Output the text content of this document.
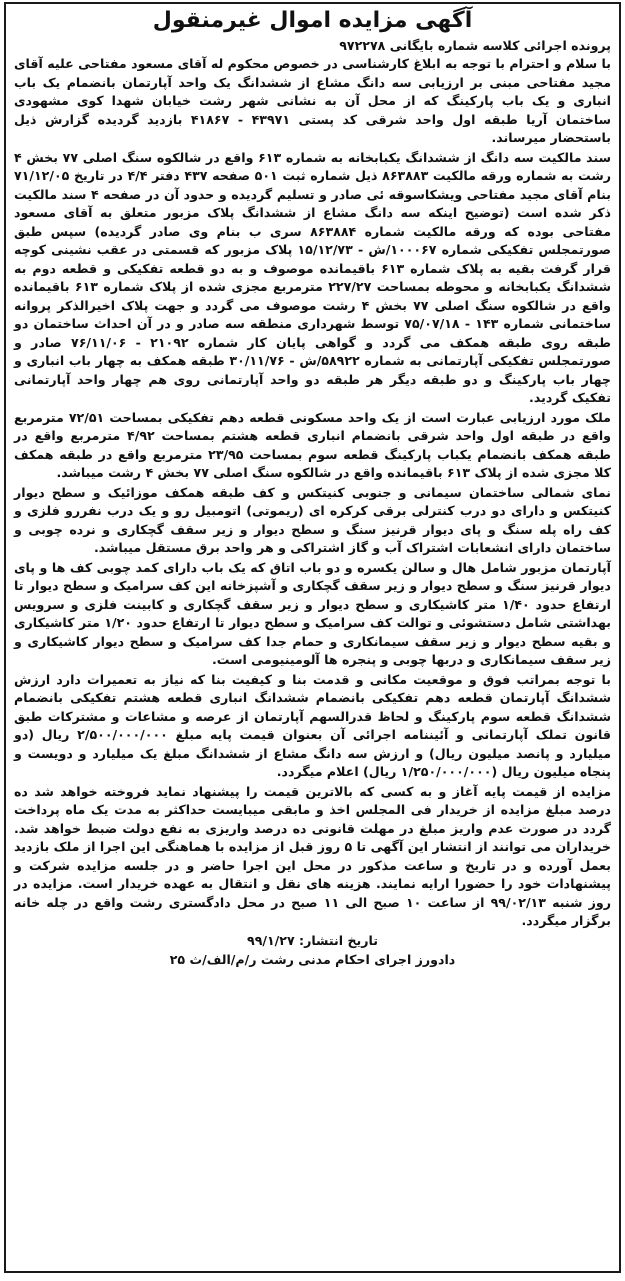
آگهی مزایده اموال غیرمنقول

پرونده اجرائی کلاسه شماره بایگانی ۹۷۲۲۷۸

با سلام و احترام با توجه به ابلاغ کارشناسی در خصوص محکوم له آقای مسعود مفتاحی علیه آقای مجید مفتاحی مبنی بر ارزیابی سه دانگ مشاع از ششدانگ یک واحد آپارتمان بانضمام یک باب انباری و یک باب پارکینگ که از محل آن به نشانی شهر رشت خیابان شهدا کوی مشهودی ساختمان آریا طبقه اول واحد شرقی کد پستی ۴۳۹۷۱ - ۴۱۸۶۷ بازدید گردیده گزارش ذیل باستحضار میرساند.

سند مالکیت سه دانگ از ششدانگ یکبابخانه به شماره ۶۱۳ واقع در شالکوه سنگ اصلی ۷۷ بخش ۴ رشت به شماره ورقه مالکیت ۸۶۳۸۸۳ ذیل شماره ثبت ۵۰۱ صفحه ۴۳۷ دفتر ۴/۴ در تاریخ ۷۱/۱۲/۰۵ بنام آقای مجید مفتاحی ویشکاسوقه ئی صادر و تسلیم گردیده و حدود آن در صفحه ۴ سند مالکیت ذکر شده است (توضیح اینکه سه دانگ مشاع از ششدانگ پلاک مزبور متعلق به آقای مسعود مفتاحی بوده که ورقه مالکیت شماره ۸۶۳۸۸۴ سری ب بنام وی صادر گردیده) سپس طبق صورتمجلس تفکیکی شماره ۱۰۰۰۶۷/ش - ۱۵/۱۲/۷۳ پلاک مزبور که قسمتی در عقب نشینی کوچه قرار گرفت بقیه به پلاک شماره ۶۱۳ باقیمانده موصوف و به دو قطعه تفکیکی و قطعه دوم به ششدانگ یکبابخانه و محوطه بمساحت ۲۲۷/۲۷ مترمربع مجزی شده از پلاک شماره ۶۱۳ باقیمانده واقع در شالکوه سنگ اصلی ۷۷ بخش ۴ رشت موصوف می گردد و جهت پلاک اخیرالذکر پروانه ساختمانی شماره ۱۴۳ - ۷۵/۰۷/۱۸ توسط شهرداری منطقه سه صادر و در آن احداث ساختمان دو طبقه روی طبقه همکف می گردد و گواهی پایان کار شماره ۲۱۰۹۲ - ۷۶/۱۱/۰۶ صادر و صورتمجلس تفکیکی آپارتمانی به شماره ۵۸۹۲۲/ش - ۳۰/۱۱/۷۶ طبقه همکف به چهار باب انباری و چهار باب پارکینگ و دو طبقه دیگر هر طبقه دو واحد آپارتمانی روی هم چهار واحد آپارتمانی تفکیک گردید.

ملک مورد ارزیابی عبارت است از یک واحد مسکونی قطعه دهم تفکیکی بمساحت ۷۲/۵۱ مترمربع واقع در طبقه اول واحد شرقی بانضمام انباری قطعه هشتم بمساحت ۴/۹۲ مترمربع واقع در طبقه همکف بانضمام یکباب پارکینگ قطعه سوم بمساحت ۲۳/۹۵ مترمربع واقع در طبقه همکف کلا مجزی شده از پلاک ۶۱۳ باقیمانده واقع در شالکوه سنگ اصلی ۷۷ بخش ۴ رشت میباشد.

نمای شمالی ساختمان سیمانی و جنوبی کنیتکس و کف طبقه همکف موزائیک و سطح دیوار کنیتکس و دارای دو درب کنترلی برقی کرکره ای (ریموتی) اتومبیل رو و یک درب نفررو فلزی و کف راه پله سنگ و پای دیوار قرنیز سنگ و سطح دیوار و زیر سقف گچکاری و نرده چوبی و ساختمان دارای انشعابات اشتراک آب و گاز اشتراکی و هر واحد برق مستقل میباشد.

آپارتمان مزبور شامل هال و سالن یکسره و دو باب اتاق که یک باب دارای کمد چوبی کف ها و پای دیوار قرنیز سنگ و سطح دیوار و زیر سقف گچکاری و آشپزخانه این کف سرامیک و سطح دیوار تا ارتفاع حدود ۱/۴۰ متر کاشیکاری و سطح دیوار و زیر سقف گچکاری و کابینت فلزی و سرویس بهداشتی شامل دستشوئی و توالت کف سرامیک و سطح دیوار تا ارتفاع حدود ۱/۲۰ متر کاشیکاری و بقیه سطح دیوار و زیر سقف سیمانکاری و حمام جدا کف سرامیک و سطح دیوار کاشیکاری و زیر سقف سیمانکاری و دربها چوبی و پنجره ها آلومینیومی است.

با توجه بمراتب فوق و موقعیت مکانی و قدمت بنا و کیفیت بنا که نیاز به تعمیرات دارد ارزش ششدانگ آپارتمان قطعه دهم تفکیکی بانضمام ششدانگ انباری قطعه هشتم تفکیکی بانضمام ششدانگ قطعه سوم پارکینگ و لحاظ قدرالسهم آپارتمان از عرصه و مشاعات و مشترکات طبق قانون تملک آپارتمانی و آئیننامه اجرائی آن بعنوان قیمت پایه مبلغ ۲/۵۰۰/۰۰۰/۰۰۰ ریال (دو میلیارد و پانصد میلیون ریال) و ارزش سه دانگ مشاع از ششدانگ مبلغ یک میلیارد و دویست و پنجاه میلیون ریال (۱/۲۵۰/۰۰۰/۰۰۰ ریال) اعلام میگردد.

مزایده از قیمت پایه آغاز و به کسی که بالاترین قیمت را پیشنهاد نماید فروخته خواهد شد ده درصد مبلغ مزایده از خریدار فی المجلس اخذ و مابقی میبایست حداکثر به مدت یک ماه پرداخت گردد در صورت عدم واریز مبلغ در مهلت قانونی ده درصد واریزی به نفع دولت ضبط خواهد شد. خریداران می توانند از انتشار این آگهی تا ۵ روز قبل از مزایده با هماهنگی این اجرا از ملک بازدید بعمل آورده و در تاریخ و ساعت مذکور در محل این اجرا حاضر و در جلسه مزایده شرکت و پیشنهادات خود را حضورا ارایه نمایند. هزینه های نقل و انتقال به عهده خریدار است. مزایده در روز شنبه ۹۹/۰۲/۱۳ از ساعت ۱۰ صبح الی ۱۱ صبح در محل دادگستری رشت واقع در چله خانه برگزار میگردد.

تاریخ انتشار: ۹۹/۱/۲۷

دادورز اجرای احکام مدنی رشت ر/م/الف/ث ۲۵
